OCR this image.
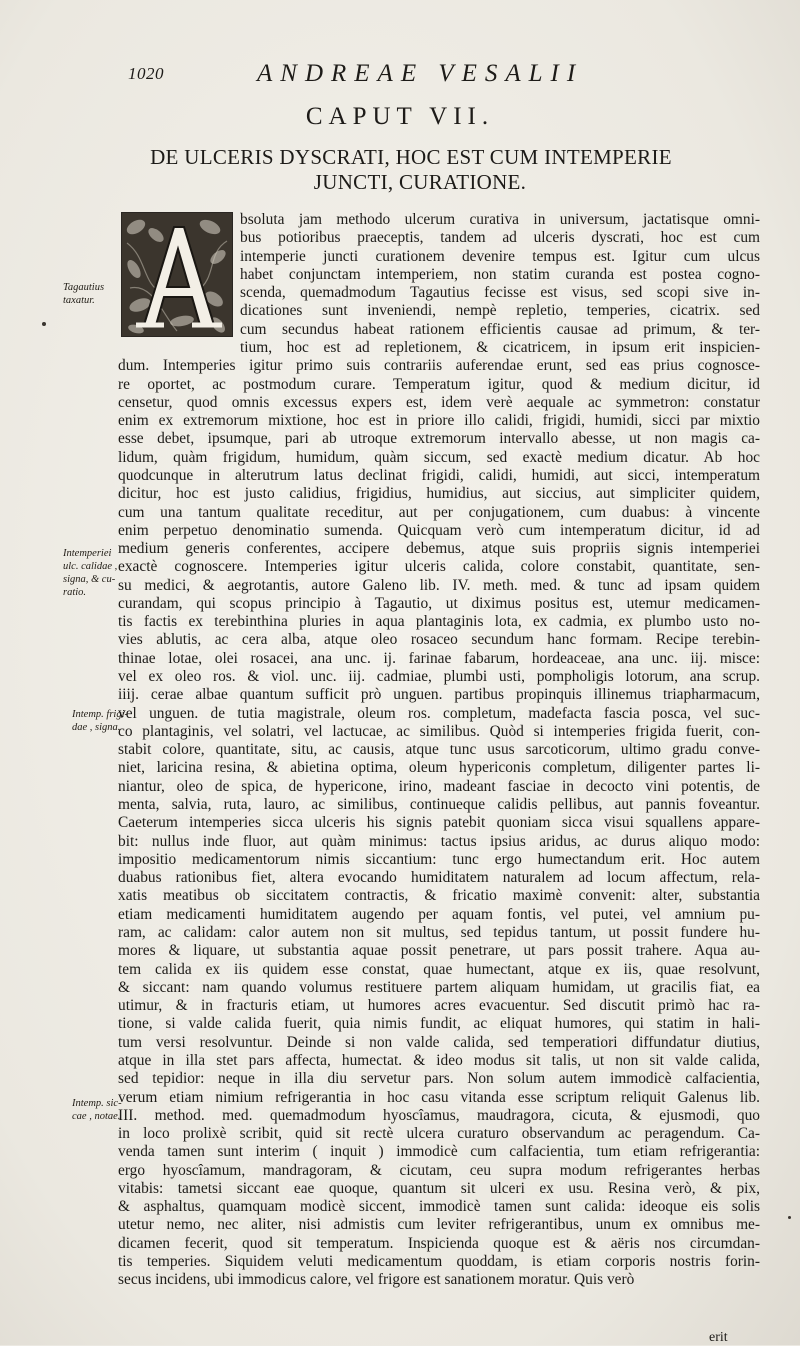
1020	ANDREAE VESALII
CAPUT VII.
DE ULCERIS DYSCRATI, HOC EST CUM INTEMPERIE
JUNCTI, CURATIONE.
Tagautius
taxatur.
Intemperiei
ulc. calidae ,
signa, & cu-
ratio.
Intemp. frigi-
dae , signa.
Intemp. sic-
cae , notae.
bsoluta jam methodo ulcerum curativa in universum, jactatisque omni-
bus potioribus praeceptis, tandem ad ulceris dyscrati, hoc est cum
intemperie juncti curationem devenire tempus est. Igitur cum ulcus
habet conjunctam intemperiem, non statim curanda est postea cogno-
scenda, quemadmodum Tagautius fecisse est visus, sed scopi sive in-
dicationes sunt inveniendi, nempè repletio, temperies, cicatrix. sed
cum secundus habeat rationem efficientis causae ad primum, & ter-
tium, hoc est ad repletionem, & cicatricem, in ipsum erit inspicien-
dum. Intemperies igitur primo suis contrariis auferendae erunt, sed eas prius cognosce-
re oportet, ac postmodum curare. Temperatum igitur, quod & medium dicitur, id
censetur, quod omnis excessus expers est, idem verè aequale ac symmetron: constatur
enim ex extremorum mixtione, hoc est in priore illo calidi, frigidi, humidi, sicci par mixtio
esse debet, ipsumque, pari ab utroque extremorum intervallo abesse, ut non magis ca-
lidum, quàm frigidum, humidum, quàm siccum, sed exactè medium dicatur. Ab hoc
quodcunque in alterutrum latus declinat frigidi, calidi, humidi, aut sicci, intemperatum
dicitur, hoc est justo calidius, frigidius, humidius, aut siccius, aut simpliciter quidem,
cum una tantum qualitate receditur, aut per conjugationem, cum duabus: à vincente
enim perpetuo denominatio sumenda. Quicquam verò cum intemperatum dicitur, id ad
medium generis conferentes, accipere debemus, atque suis propriis signis intemperiei
exactè cognoscere. Intemperies igitur ulceris calida, colore constabit, quantitate, sen-
su medici, & aegrotantis, autore Galeno lib. IV. meth. med. & tunc ad ipsam quidem
curandam, qui scopus principio à Tagautio, ut diximus positus est, utemur medicamen-
tis factis ex terebinthina pluries in aqua plantaginis lota, ex cadmia, ex plumbo usto no-
vies ablutis, ac cera alba, atque oleo rosaceo secundum hanc formam. Recipe terebin-
thinae lotae, olei rosacei, ana unc. ij. farinae fabarum, hordeaceae, ana unc. iij. misce:
vel ex oleo ros. & viol. unc. iij. cadmiae, plumbi usti, pompholigis lotorum, ana scrup.
iiij. cerae albae quantum sufficit prò unguen. partibus propinquis illinemus triapharmacum,
vel unguen. de tutia magistrale, oleum ros. completum, madefacta fascia posca, vel suc-
co plantaginis, vel solatri, vel lactucae, ac similibus. Quòd si intemperies frigida fuerit, con-
stabit colore, quantitate, situ, ac causis, atque tunc usus sarcoticorum, ultimo gradu conve-
niet, laricina resina, & abietina optima, oleum hypericonis completum, diligenter partes li-
niantur, oleo de spica, de hypericone, irino, madeant fasciae in decocto vini potentis, de
menta, salvia, ruta, lauro, ac similibus, continueque calidis pellibus, aut pannis foveantur.
Caeterum intemperies sicca ulceris his signis patebit quoniam sicca visui squallens appare-
bit: nullus inde fluor, aut quàm minimus: tactus ipsius aridus, ac durus aliquo modo:
impositio medicamentorum nimis siccantium: tunc ergo humectandum erit. Hoc autem
duabus rationibus fiet, altera evocando humiditatem naturalem ad locum affectum, rela-
xatis meatibus ob siccitatem contractis, & fricatio maximè convenit: alter, substantia
etiam medicamenti humiditatem augendo per aquam fontis, vel putei, vel amnium pu-
ram, ac calidam: calor autem non sit multus, sed tepidus tantum, ut possit fundere hu-
mores & liquare, ut substantia aquae possit penetrare, ut pars possit trahere. Aqua au-
tem calida ex iis quidem esse constat, quae humectant, atque ex iis, quae resolvunt,
& siccant: nam quando volumus restituere partem aliquam humidam, ut gracilis fiat, ea
utimur, & in fracturis etiam, ut humores acres evacuentur. Sed discutit primò hac ra-
tione, si valde calida fuerit, quia nimis fundit, ac eliquat humores, qui statim in hali-
tum versi resolvuntur. Deinde si non valde calida, sed temperatiori diffundatur diutius,
atque in illa stet pars affecta, humectat. & ideo modus sit talis, ut non sit valde calida,
sed tepidior: neque in illa diu servetur pars. Non solum autem immodicè calfacientia,
verum etiam nimium refrigerantia in hoc casu vitanda esse scriptum reliquit Galenus lib.
III. method. med. quemadmodum hyoscîamus, maudragora, cicuta, & ejusmodi, quo
in loco prolixè scribit, quid sit rectè ulcera curaturo observandum ac peragendum. Ca-
venda tamen sunt interim ( inquit ) immodicè cum calfacientia, tum etiam refrigerantia:
ergo hyoscîamum, mandragoram, & cicutam, ceu supra modum refrigerantes herbas
vitabis: tametsi siccant eae quoque, quantum sit ulceri ex usu. Resina verò, & pix,
& asphaltus, quamquam modicè siccent, immodicè tamen sunt calida: ideoque eis solis
utetur nemo, nec aliter, nisi admistis cum leviter refrigerantibus, unum ex omnibus me-
dicamen fecerit, quod sit temperatum. Inspicienda quoque est & aëris nos circumdan-
tis temperies. Siquidem veluti medicamentum quoddam, is etiam corporis nostris forin-
secus incidens, ubi immodicus calore, vel frigore est sanationem moratur. Quis verò
erit
